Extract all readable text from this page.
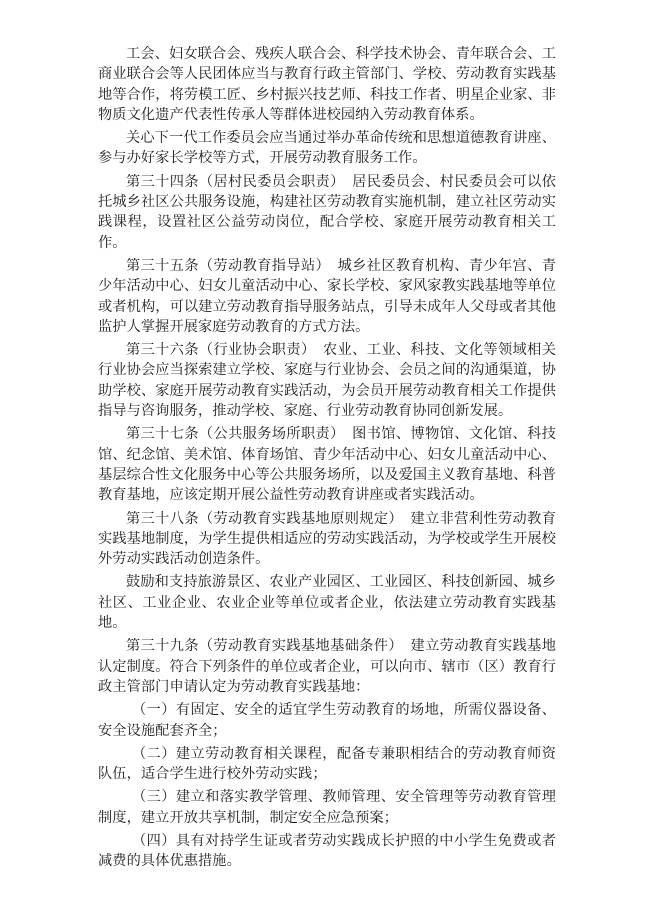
工会、妇女联合会、残疾人联合会、科学技术协会、青年联合会、工商业联合会等人民团体应当与教育行政主管部门、学校、劳动教育实践基地等合作，将劳模工匠、乡村振兴技艺师、科技工作者、明星企业家、非物质文化遗产代表性传承人等群体进校园纳入劳动教育体系。

关心下一代工作委员会应当通过举办革命传统和思想道德教育讲座、参与办好家长学校等方式，开展劳动教育服务工作。

第三十四条（居村民委员会职责）　居民委员会、村民委员会可以依托城乡社区公共服务设施，构建社区劳动教育实施机制，建立社区劳动实践课程，设置社区公益劳动岗位，配合学校、家庭开展劳动教育相关工作。

第三十五条（劳动教育指导站）　城乡社区教育机构、青少年宫、青少年活动中心、妇女儿童活动中心、家长学校、家风家教实践基地等单位或者机构，可以建立劳动教育指导服务站点，引导未成年人父母或者其他监护人掌握开展家庭劳动教育的方式方法。

第三十六条（行业协会职责）　农业、工业、科技、文化等领域相关行业协会应当探索建立学校、家庭与行业协会、会员之间的沟通渠道，协助学校、家庭开展劳动教育实践活动，为会员开展劳动教育相关工作提供指导与咨询服务，推动学校、家庭、行业劳动教育协同创新发展。

第三十七条（公共服务场所职责）　图书馆、博物馆、文化馆、科技馆、纪念馆、美术馆、体育场馆、青少年活动中心、妇女儿童活动中心、基层综合性文化服务中心等公共服务场所，以及爱国主义教育基地、科普教育基地，应该定期开展公益性劳动教育讲座或者实践活动。

第三十八条（劳动教育实践基地原则规定）　建立非营利性劳动教育实践基地制度，为学生提供相适应的劳动实践活动，为学校或学生开展校外劳动实践活动创造条件。

鼓励和支持旅游景区、农业产业园区、工业园区、科技创新园、城乡社区、工业企业、农业企业等单位或者企业，依法建立劳动教育实践基地。

第三十九条（劳动教育实践基地基础条件）　建立劳动教育实践基地认定制度。符合下列条件的单位或者企业，可以向市、辖市（区）教育行政主管部门申请认定为劳动教育实践基地：

（一）有固定、安全的适宜学生劳动教育的场地，所需仪器设备、安全设施配套齐全；

（二）建立劳动教育相关课程，配备专兼职相结合的劳动教育师资队伍，适合学生进行校外劳动实践；

（三）建立和落实教学管理、教师管理、安全管理等劳动教育管理制度，建立开放共享机制，制定安全应急预案；

（四）具有对持学生证或者劳动实践成长护照的中小学生免费或者减费的具体优惠措施。
